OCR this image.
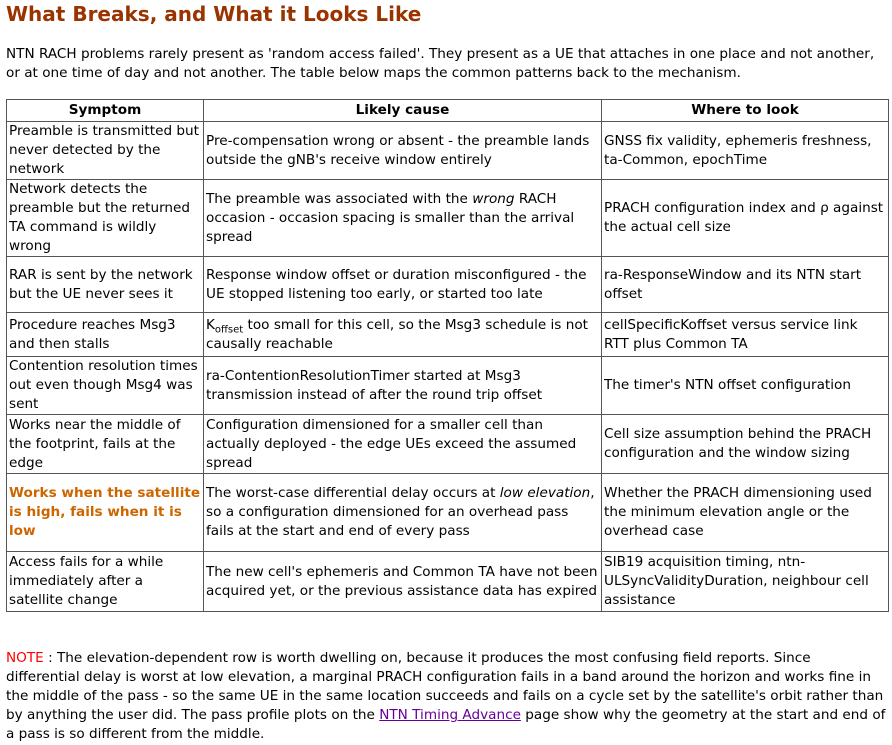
What Breaks, and What it Looks Like

NTN RACH problems rarely present as 'random access failed'. They present as a UE that attaches in one place and not another, or at one time of day and not another. The table below maps the common patterns back to the mechanism.

Symptom	Likely cause	Where to look
Preamble is transmitted but never detected by the network	Pre-compensation wrong or absent - the preamble lands outside the gNB's receive window entirely	GNSS fix validity, ephemeris freshness, ta-Common, epochTime
Network detects the preamble but the returned TA command is wildly wrong	The preamble was associated with the wrong RACH occasion - occasion spacing is smaller than the arrival spread	PRACH configuration index and ρ against the actual cell size
RAR is sent by the network but the UE never sees it	Response window offset or duration misconfigured - the UE stopped listening too early, or started too late	ra-ResponseWindow and its NTN start offset
Procedure reaches Msg3 and then stalls	$K_{offset}$ too small for this cell, so the Msg3 schedule is not causally reachable	cellSpecificKoffset versus service link RTT plus Common TA
Contention resolution times out even though Msg4 was sent	ra-ContentionResolutionTimer started at Msg3 transmission instead of after the round trip offset	The timer's NTN offset configuration
Works near the middle of the footprint, fails at the edge	Configuration dimensioned for a smaller cell than actually deployed - the edge UEs exceed the assumed spread	Cell size assumption behind the PRACH configuration and the window sizing
Works when the satellite is high, fails when it is low	The worst-case differential delay occurs at low elevation, so a configuration dimensioned for an overhead pass fails at the start and end of every pass	Whether the PRACH dimensioning used the minimum elevation angle or the overhead case
Access fails for a while immediately after a satellite change	The new cell's ephemeris and Common TA have not been acquired yet, or the previous assistance data has expired	SIB19 acquisition timing, ntn-ULSyncValidityDuration, neighbour cell assistance

NOTE : The elevation-dependent row is worth dwelling on, because it produces the most confusing field reports. Since differential delay is worst at low elevation, a marginal PRACH configuration fails in a band around the horizon and works fine in the middle of the pass - so the same UE in the same location succeeds and fails on a cycle set by the satellite's orbit rather than by anything the user did. The pass profile plots on the NTN Timing Advance page show why the geometry at the start and end of a pass is so different from the middle.
